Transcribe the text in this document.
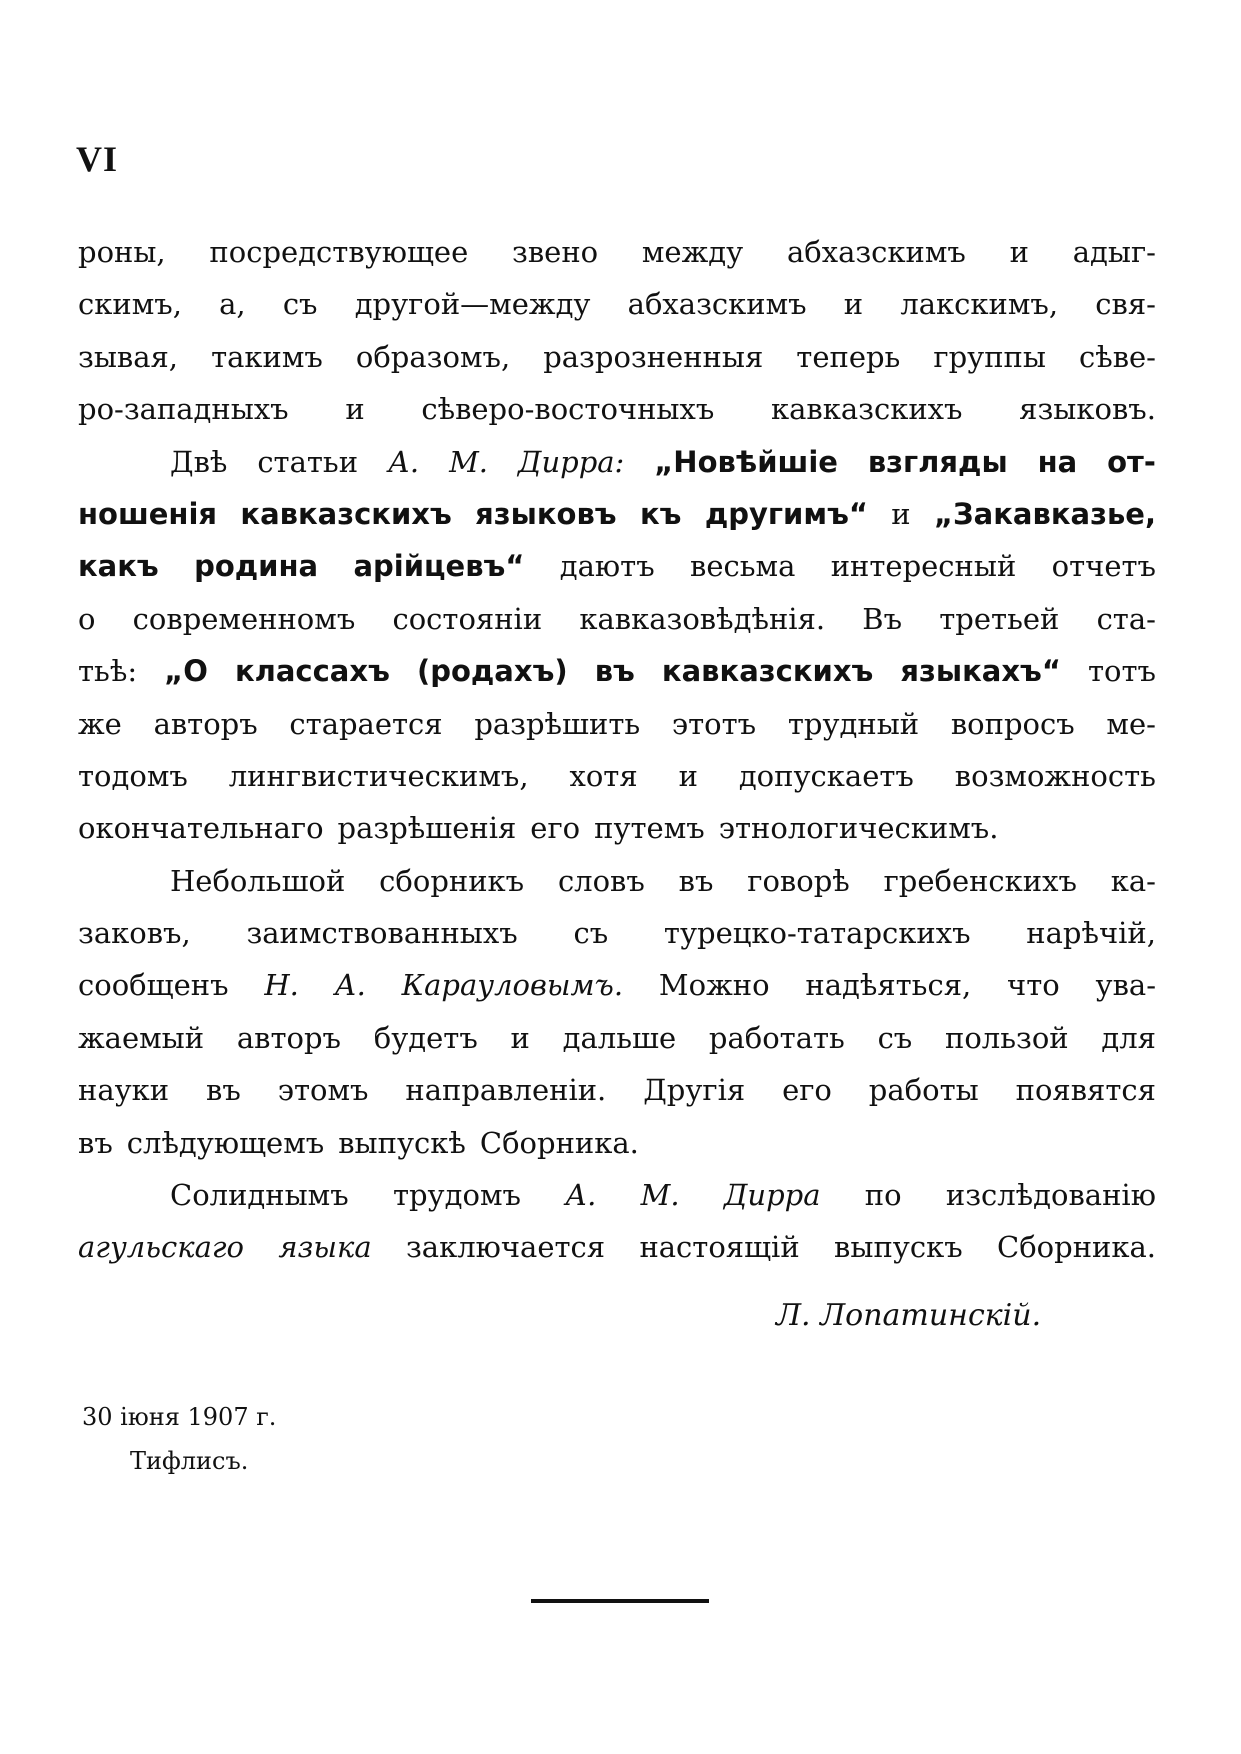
VI
роны, посредствующее звено между абхазскимъ и адыг-
скимъ, а, съ другой—между абхазскимъ и лакскимъ, свя-
зывая, такимъ образомъ, разрозненныя теперь группы сѣве-
ро-западныхъ и сѣверо-восточныхъ кавказскихъ языковъ.
Двѣ статьи А. М. Дирра: „Новѣйшіе взгляды на от-
ношенія кавказскихъ языковъ къ другимъ“ и „Закавказье,
какъ родина арійцевъ“ даютъ весьма интересный отчетъ
о современномъ состояніи кавказовѣдѣнія. Въ третьей ста-
тьѣ: „О классахъ (родахъ) въ кавказскихъ языкахъ“ тотъ
же авторъ старается разрѣшить этотъ трудный вопросъ ме-
тодомъ лингвистическимъ, хотя и допускаетъ возможность
окончательнаго разрѣшенія его путемъ этнологическимъ.
Небольшой сборникъ словъ въ говорѣ гребенскихъ ка-
заковъ, заимствованныхъ съ турецко-татарскихъ нарѣчій,
сообщенъ Н. А. Карауловымъ. Можно надѣяться, что ува-
жаемый авторъ будетъ и дальше работать съ пользой для
науки въ этомъ направленіи. Другія его работы появятся
въ слѣдующемъ выпускѣ Сборника.
Солиднымъ трудомъ А. М. Дирра по изслѣдованію
агульскаго языка заключается настоящій выпускъ Сборника.
Л. Лопатинскій.
30 іюня 1907 г.
Тифлисъ.
